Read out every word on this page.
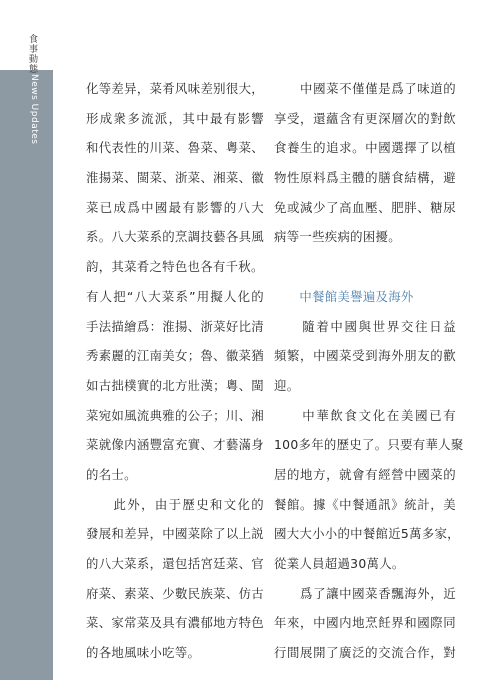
食事動態
News Updates	化等差异，菜肴风味差别很大，
形成衆多流派，其中最有影響
和代表性的川菜、魯菜、粵菜、
淮揚菜、閩菜、浙菜、湘菜、徽
菜已成爲中國最有影響的八大
系。八大菜系的烹調技藝各具風
韵，其菜肴之特色也各有千秋。
有人把“八大菜系”用擬人化的
手法描繪爲：淮揚、浙菜好比清
秀素麗的江南美女；魯、徽菜猶
如古拙樸實的北方壯漢；粵、閩
菜宛如風流典雅的公子；川、湘
菜就像内涵豐富充實、才藝滿身
的名士。
　　此外，由于歷史和文化的
發展和差异，中國菜除了以上説
的八大菜系，還包括宮廷菜、官
府菜、素菜、少數民族菜、仿古
菜、家常菜及具有濃郁地方特色
的各地風味小吃等。
　　中國菜不僅僅是爲了味道的
享受，還蘊含有更深層次的對飲
食養生的追求。中國選擇了以植
物性原料爲主體的膳食結構，避
免或減少了高血壓、肥胖、糖尿
病等一些疾病的困擾。
　　中餐館美譽遍及海外
　　隨着中國與世界交往日益
頻繁，中國菜受到海外朋友的歡
迎。
　　中華飲食文化在美國已有
100多年的歷史了。只要有華人聚
居的地方，就會有經營中國菜的
餐館。據《中餐通訊》統計，美
國大大小小的中餐館近5萬多家，
從業人員超過30萬人。
　　爲了讓中國菜香飄海外，近
年來，中國内地烹飪界和國際同
行間展開了廣泛的交流合作，對
